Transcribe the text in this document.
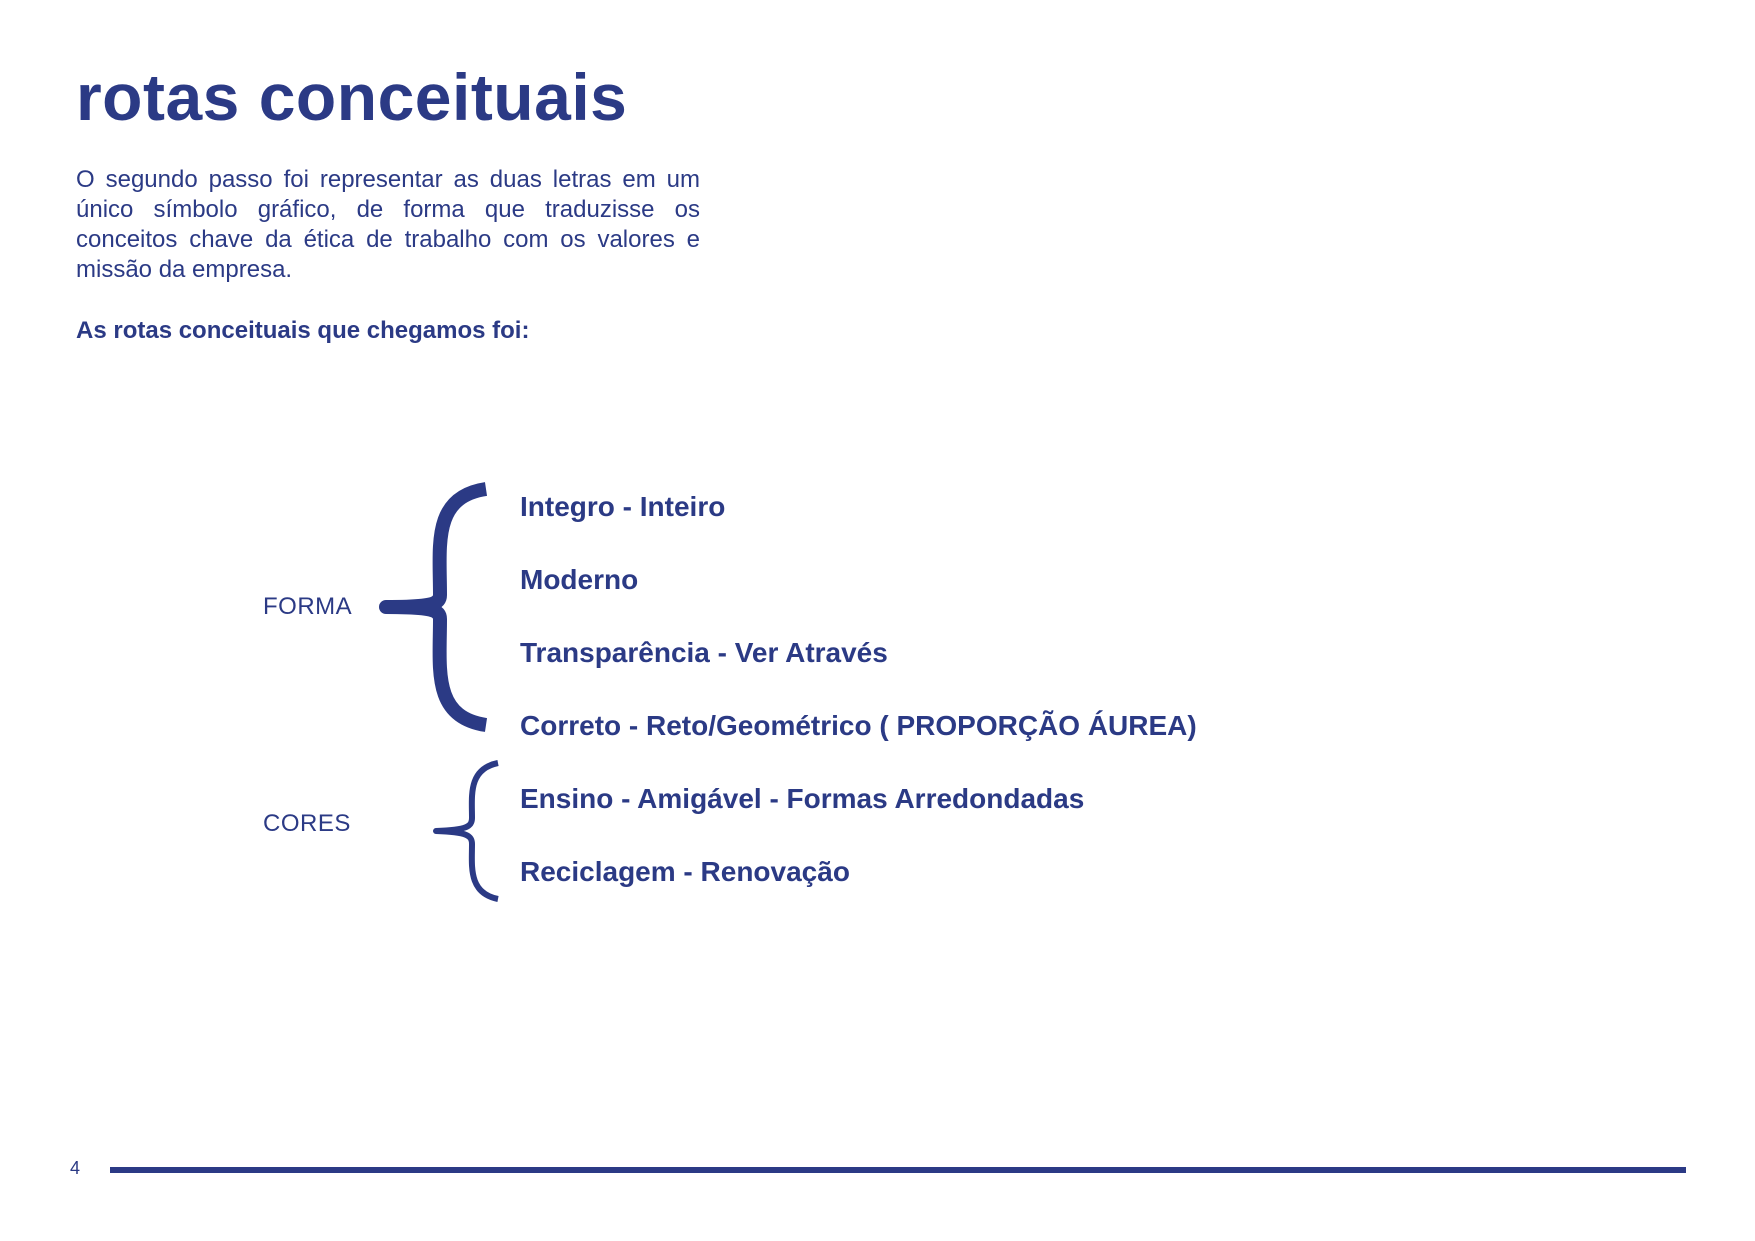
rotas conceituais

O segundo passo foi representar as duas letras em um único símbolo gráfico, de forma que traduzisse os conceitos chave da ética de trabalho com os valores e missão da empresa.

As rotas conceituais que chegamos foi:

FORMA
Integro - Inteiro
Moderno
Transparência - Ver Através
Correto - Reto/Geométrico ( PROPORÇÃO ÁUREA)
CORES
Ensino - Amigável - Formas Arredondadas
Reciclagem - Renovação
4
